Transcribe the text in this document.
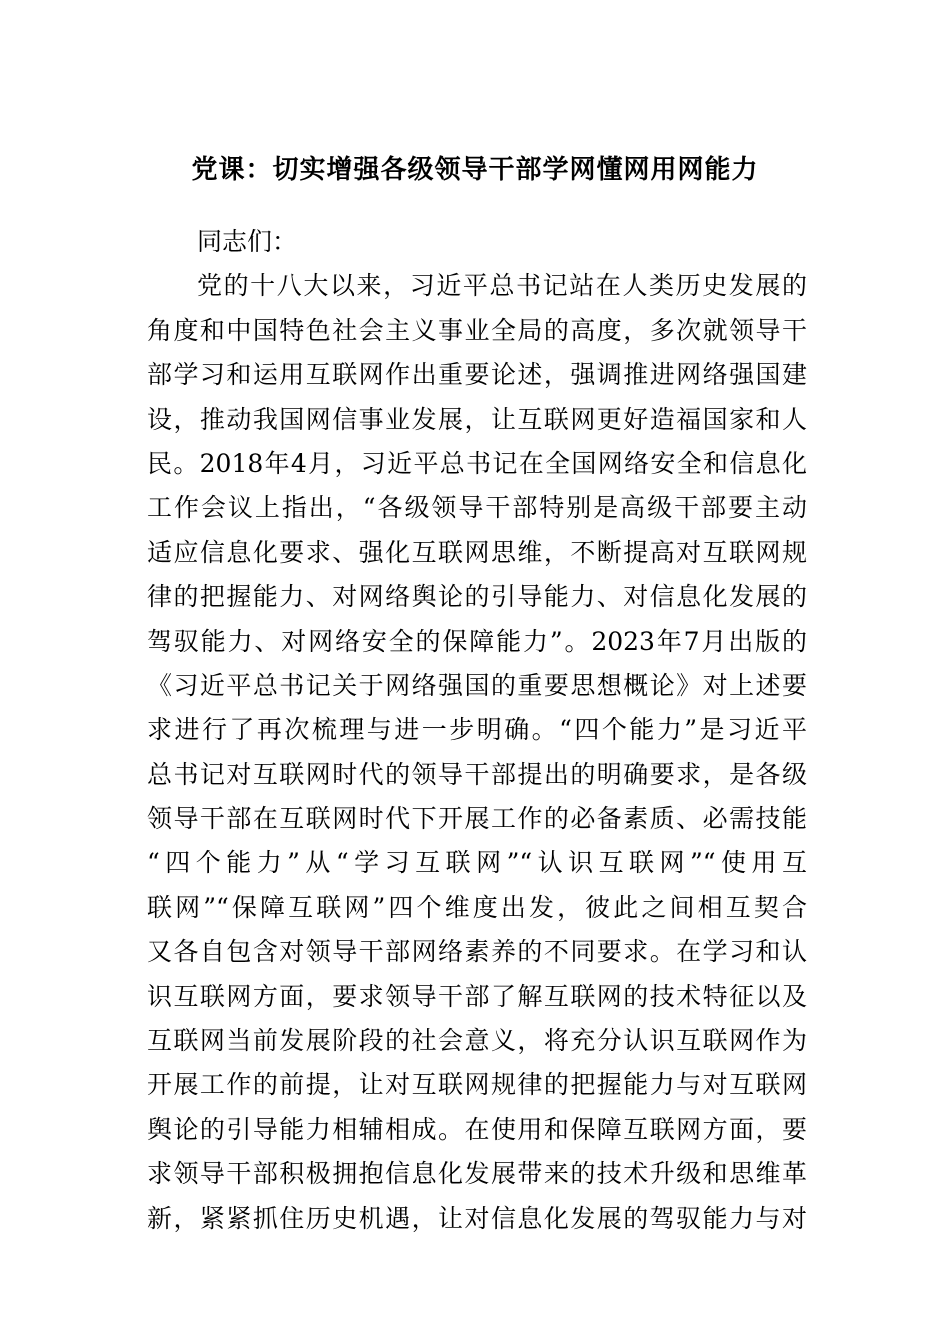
党课：切实增强各级领导干部学网懂网用网能力
同志们：
党的十八大以来，习近平总书记站在人类历史发展的
角度和中国特色社会主义事业全局的高度，多次就领导干
部学习和运用互联网作出重要论述，强调推进网络强国建
设，推动我国网信事业发展，让互联网更好造福国家和人
民。2018年4月，习近平总书记在全国网络安全和信息化
工作会议上指出，“各级领导干部特别是高级干部要主动
适应信息化要求、强化互联网思维，不断提高对互联网规
律的把握能力、对网络舆论的引导能力、对信息化发展的
驾驭能力、对网络安全的保障能力”。2023年7月出版的
《习近平总书记关于网络强国的重要思想概论》对上述要
求进行了再次梳理与进一步明确。“四个能力”是习近平
总书记对互联网时代的领导干部提出的明确要求，是各级
领导干部在互联网时代下开展工作的必备素质、必需技能
“四个能力”从“学习互联网”“认识互联网”“使用互
联网”“保障互联网”四个维度出发，彼此之间相互契合
又各自包含对领导干部网络素养的不同要求。在学习和认
识互联网方面，要求领导干部了解互联网的技术特征以及
互联网当前发展阶段的社会意义，将充分认识互联网作为
开展工作的前提，让对互联网规律的把握能力与对互联网
舆论的引导能力相辅相成。在使用和保障互联网方面，要
求领导干部积极拥抱信息化发展带来的技术升级和思维革
新，紧紧抓住历史机遇，让对信息化发展的驾驭能力与对
